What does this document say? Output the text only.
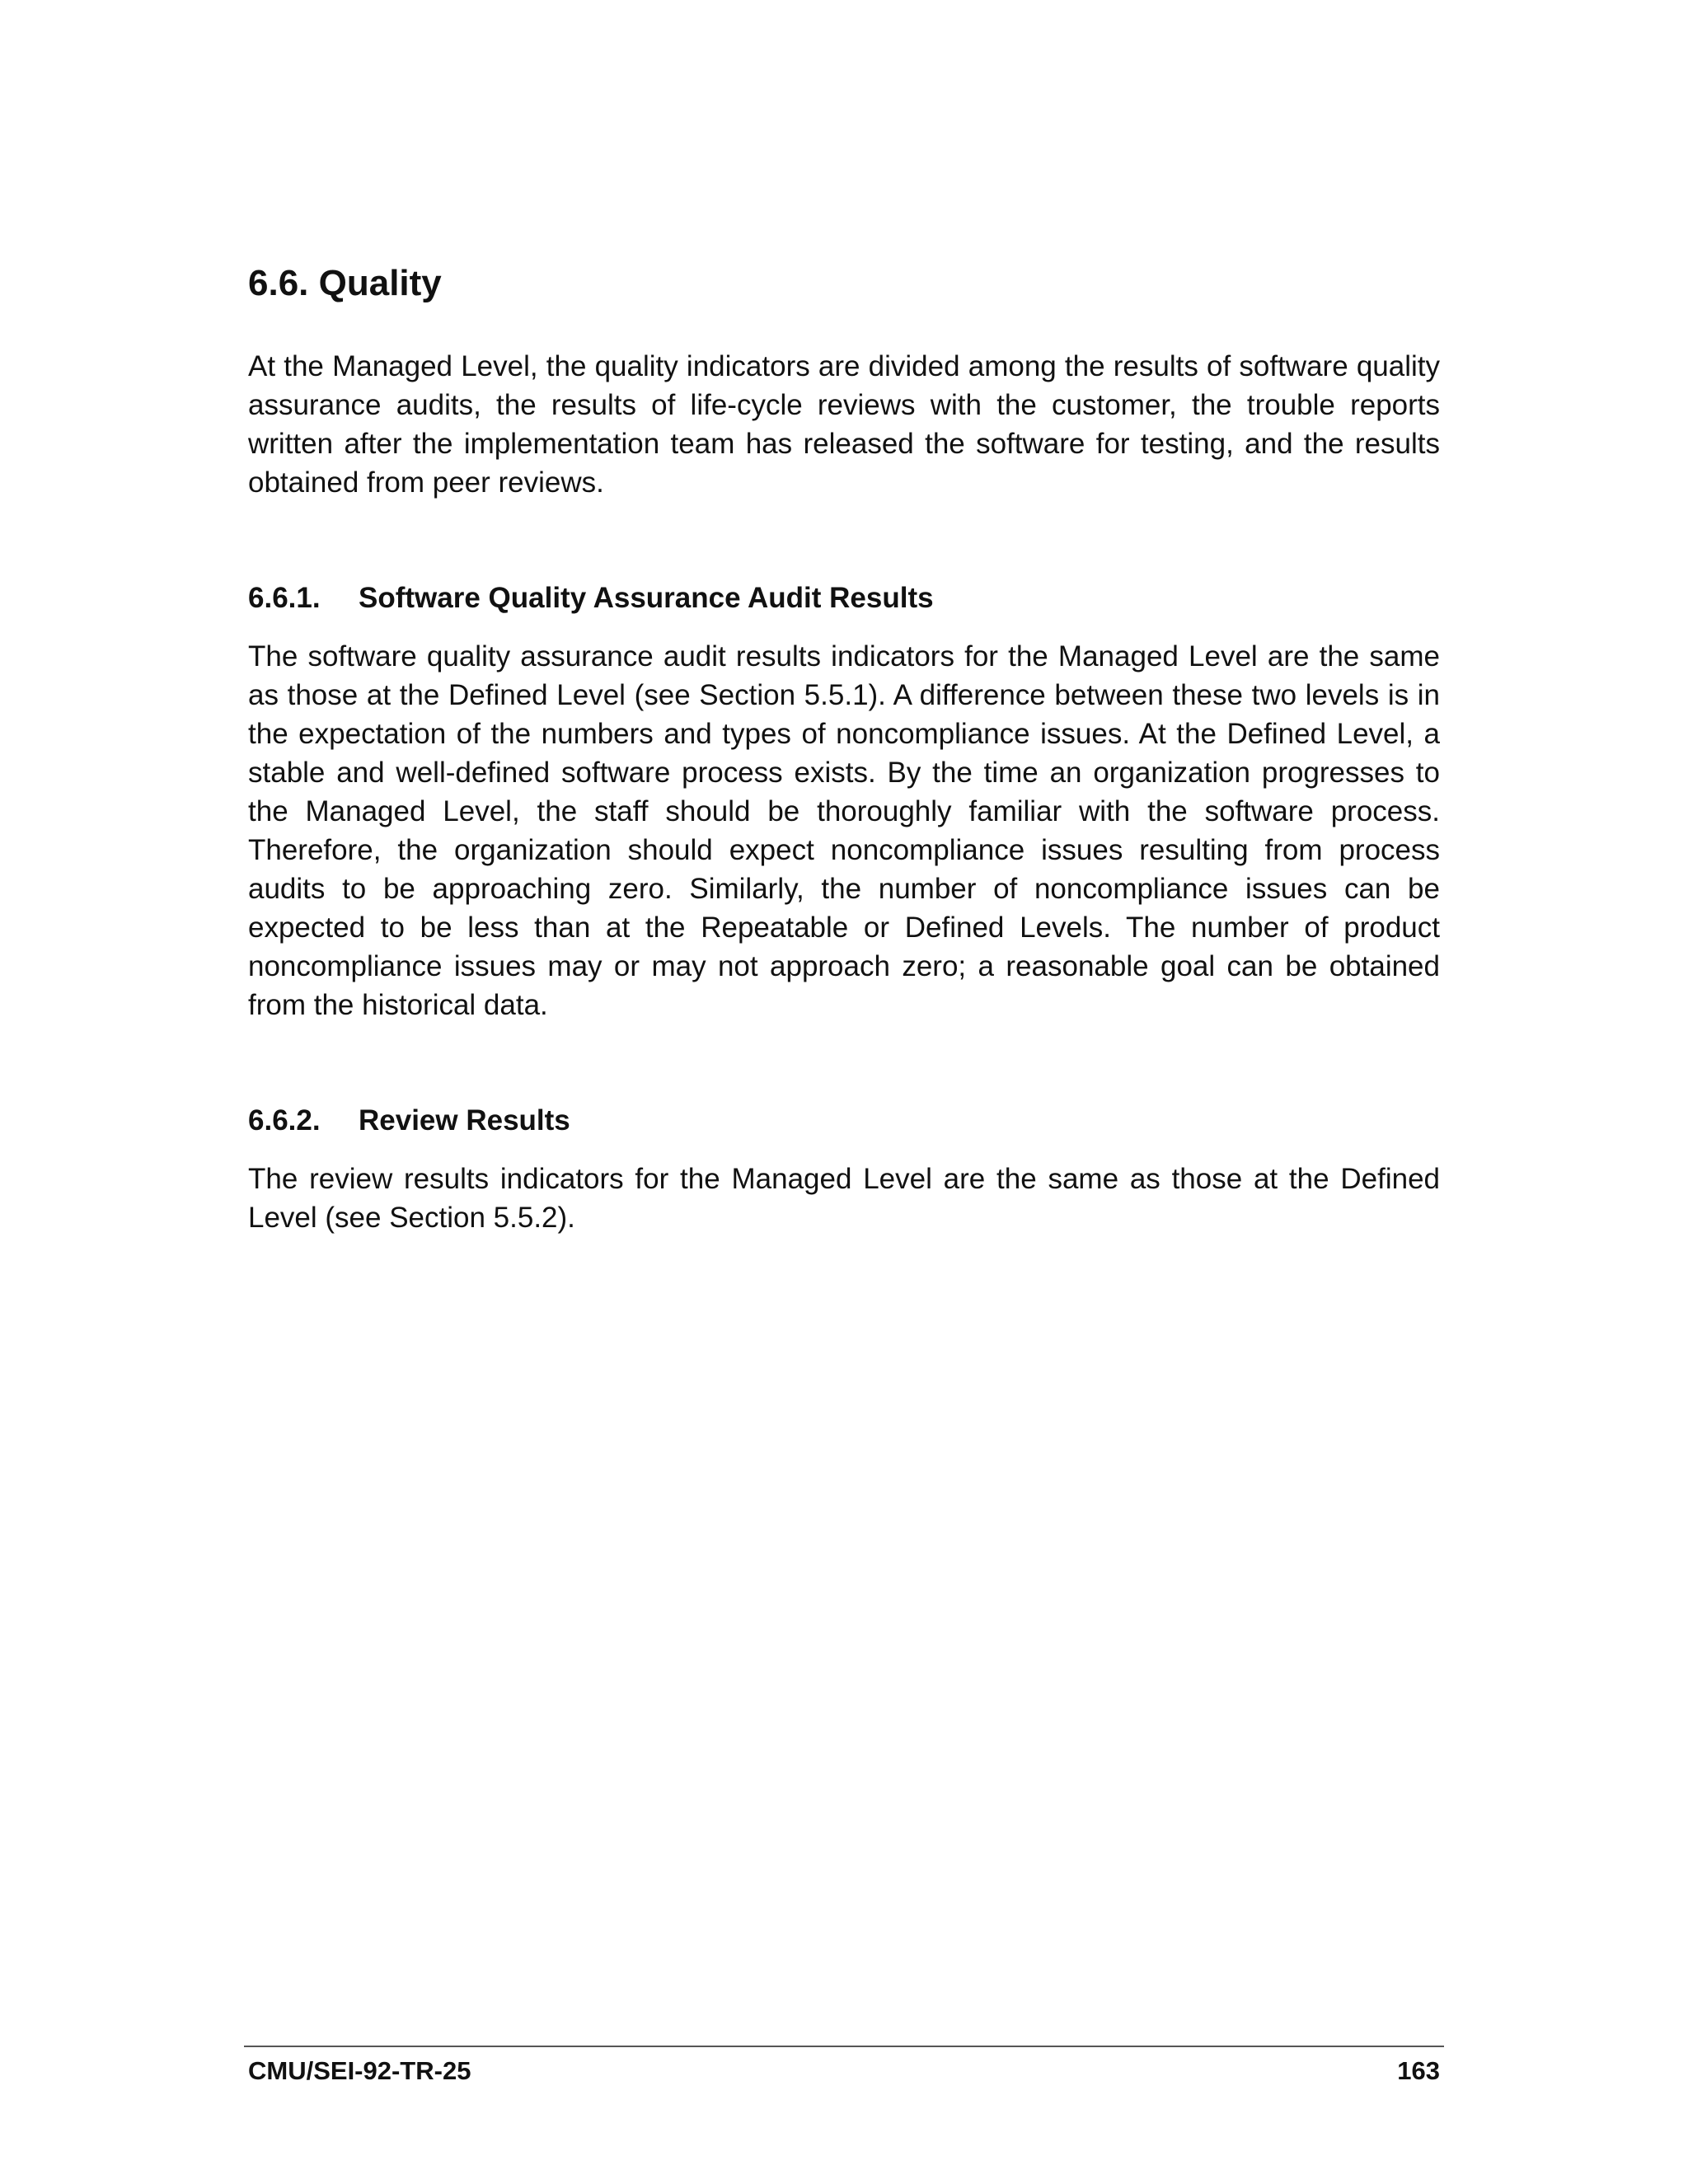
6.6. Quality

At the Managed Level, the quality indicators are divided among the results of software quality assurance audits, the results of life-cycle reviews with the customer, the trouble reports written after the implementation team has released the software for testing, and the results obtained from peer reviews.

6.6.1.	Software Quality Assurance Audit Results

The software quality assurance audit results indicators for the Managed Level are the same as those at the Defined Level (see Section 5.5.1). A difference between these two levels is in the expectation of the numbers and types of noncompliance issues. At the Defined Level, a stable and well-defined software process exists. By the time an organization progresses to the Managed Level, the staff should be thoroughly familiar with the software process. Therefore, the organization should expect noncompliance issues resulting from process audits to be approaching zero. Similarly, the number of noncompliance issues can be expected to be less than at the Repeatable or Defined Levels. The number of product noncompliance issues may or may not approach zero; a reasonable goal can be obtained from the historical data.

6.6.2.	Review Results

The review results indicators for the Managed Level are the same as those at the Defined Level (see Section 5.5.2).

CMU/SEI-92-TR-25	163
